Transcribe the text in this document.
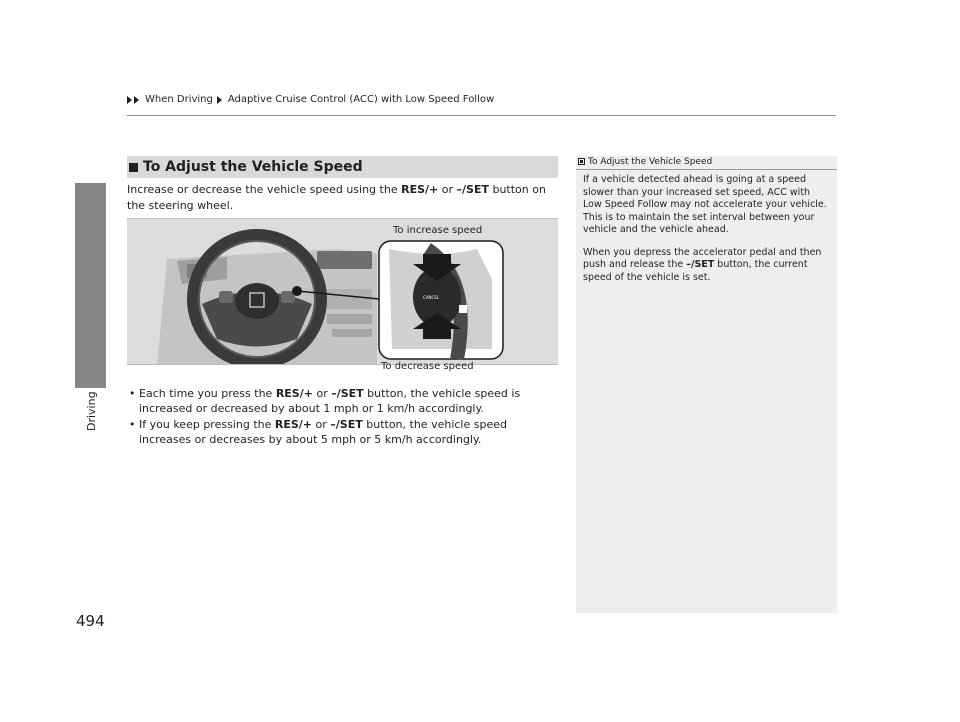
When Driving Adaptive Cruise Control (ACC) with Low Speed Follow
Driving
To Adjust the Vehicle Speed
Increase or decrease the vehicle speed using the RES/+ or –/SET button on the steering wheel.
CANCEL
To increase speed
To decrease speed
• Each time you press the RES/+ or –/SET button, the vehicle speed is increased or decreased by about 1 mph or 1 km/h accordingly.
• If you keep pressing the RES/+ or –/SET button, the vehicle speed increases or decreases by about 5 mph or 5 km/h accordingly.
To Adjust the Vehicle Speed

If a vehicle detected ahead is going at a speed slower than your increased set speed, ACC with Low Speed Follow may not accelerate your vehicle. This is to maintain the set interval between your vehicle and the vehicle ahead.

When you depress the accelerator pedal and then push and release the –/SET button, the current speed of the vehicle is set.

494
